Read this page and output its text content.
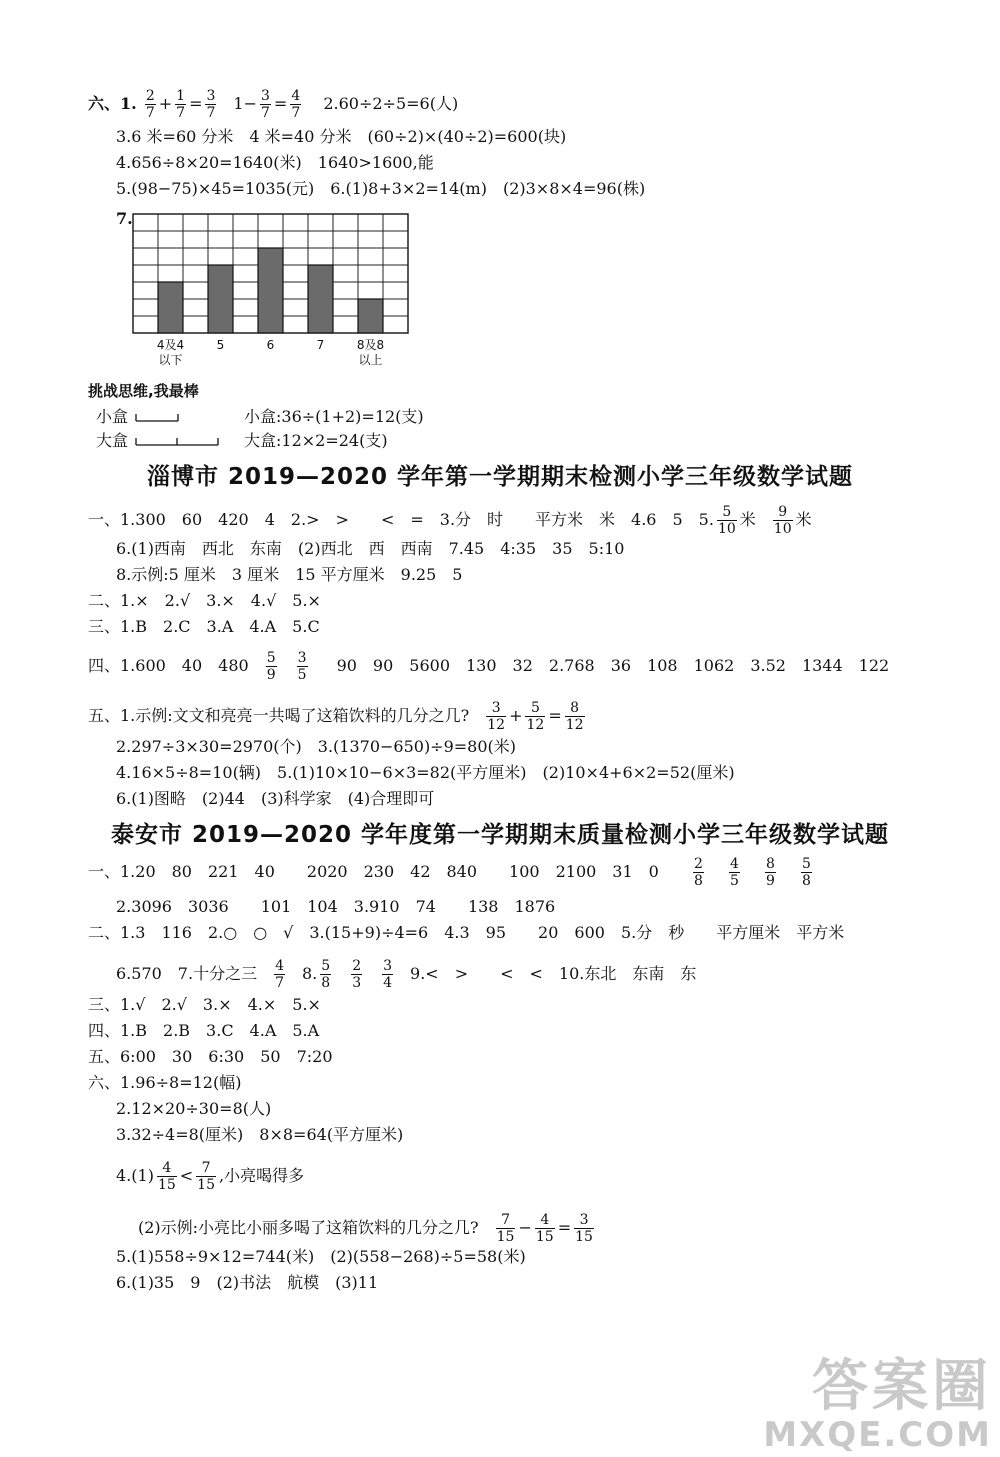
六、1. $\frac{2}{7} + \frac{1}{7} = \frac{3}{7} 1- \frac{3}{7} = \frac{4}{7} 2.60\div 2\div 5=6$(人)
3.6 米=60 分米　4 米=40 分米　(60÷2)×(40÷2)=600(块)
4.656÷8×20=1640(米)　1640>1600,能
5.(98−75)×45=1035(元)　6.(1)8+3×2=14(m)　(2)3×8×4=96(株)
7.
4及4
以下
5	6	7	8及8
以上
挑战思维,我最棒
小盒	小盒:36÷(1+2)=12(支)
大盒	大盒:12×2=24(支)
淄博市 2019—2020 学年第一学期期末检测小学三年级数学试题
一、1.300　60　420　4　2.>　>　　<　=　3.分　时　　平方米　米　4.6　5　5. $\frac{5}{10}$ 米 $\frac{9}{10}$ 米
6.(1)西南　西北　东南　(2)西北　西　西南　7.45　4:35　35　5:10
8.示例:5 厘米　3 厘米　15 平方厘米　9.25　5
二、1.×　2.√　3.×　4.√　5.×
三、1.B　2.C　3.A　4.A　5.C
四、1.600　40　$480 \frac{5}{9} \frac{3}{5} 90$　90　5600　130　32　2.768　36　108　1062　3.52　1344　122
五、1.示例:文文和亮亮一共喝了这箱饮料的几分之几? $\frac{3}{12} + \frac{5}{12} = \frac{8}{12}$
2.297÷3×30=2970(个)　3.(1370−650)÷9=80(米)
4.16×5÷8=10(辆)　5.(1)10×10−6×3=82(平方厘米)　(2)10×4+6×2=52(厘米)
6.(1)图略　(2)44　(3)科学家　(4)合理即可
泰安市 2019—2020 学年度第一学期期末质量检测小学三年级数学试题
一、1.20　80　221　40　　2020　230　42　840　　100　2100　31　$0 \frac{2}{8}$
$\frac{4}{5}$
$\frac{8}{9}$
$\frac{5}{8}$
2.3096　3036　　101　104　3.910　74　　138　1876
二、1.3　116　2.○　○　√　3.(15+9)÷4=6　4.3　95　　20　600　5.分　秒　　平方厘米　平方米
6.570　7.十分之三 $\frac{4}{7} 8$. $\frac{5}{8} \frac{2}{3} \frac{3}{4} 9.<$　>　　<　<　10.东北　东南　东
三、1.√　2.√　3.×　4.×　5.×
四、1.B　2.B　3.C　4.A　5.A
五、6:00　30　6:30　50　7:20
六、1.96÷8=12(幅)
2.12×20÷30=8(人)
3.32÷4=8(厘米)　8×8=64(平方厘米)
$4.(1) \frac{4}{15} < \frac{7}{15}$ ,小亮喝得多
(2)示例:小亮比小丽多喝了这箱饮料的几分之几? $\frac{7}{15} - \frac{4}{15} = \frac{3}{15}$
5.(1)558÷9×12=744(米)　(2)(558−268)÷5=58(米)
6.(1)35　9　(2)书法　航模　(3)11
答案圈
MXQE.COM
